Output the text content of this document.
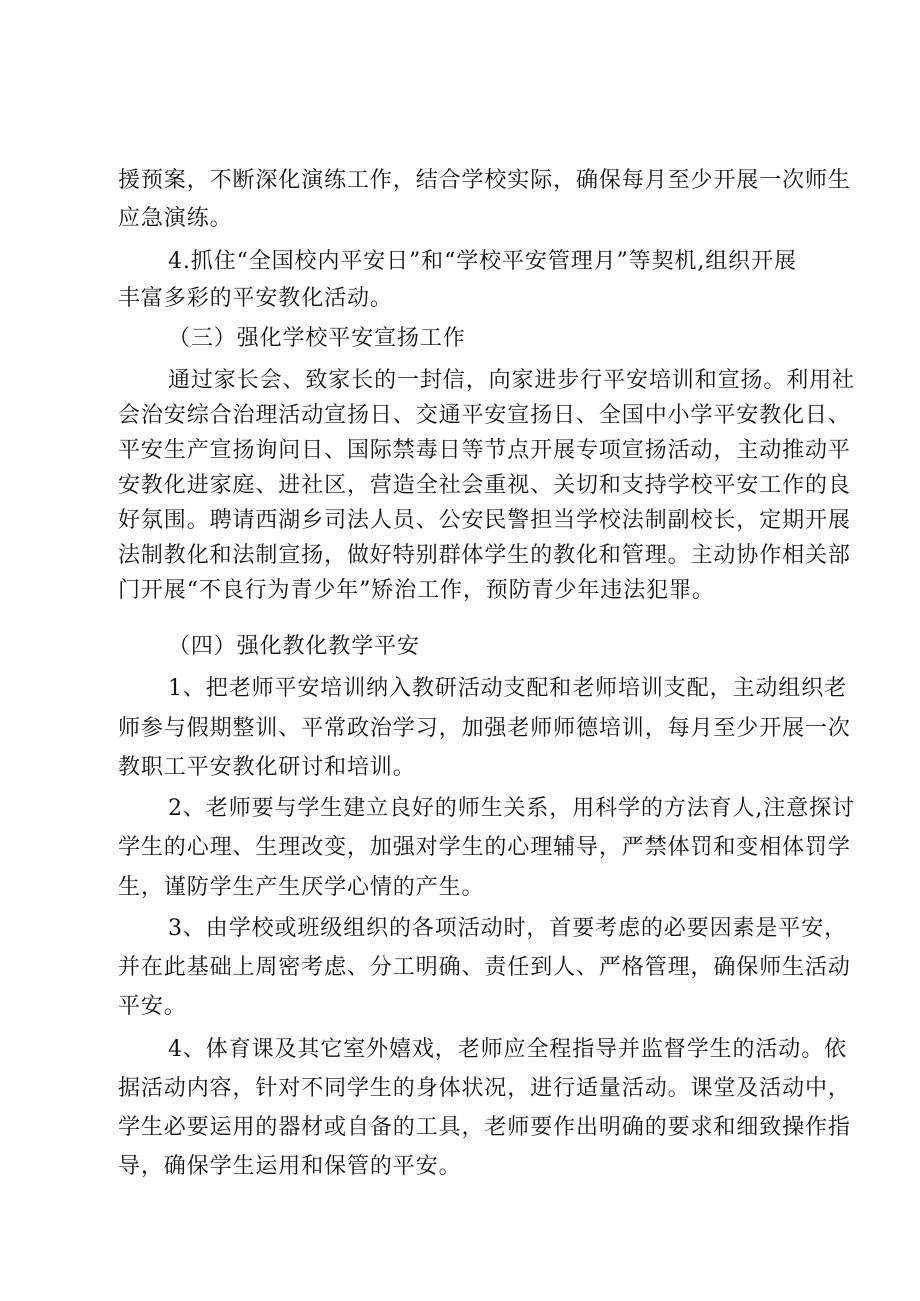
援预案，不断深化演练工作，结合学校实际，确保每月至少开展一次师生
应急演练。
4.抓住“全国校内平安日”和“学校平安管理月”等契机,组织开展
丰富多彩的平安教化活动。
（三）强化学校平安宣扬工作
通过家长会、致家长的一封信，向家进步行平安培训和宣扬。利用社
会治安综合治理活动宣扬日、交通平安宣扬日、全国中小学平安教化日、
平安生产宣扬询问日、国际禁毒日等节点开展专项宣扬活动，主动推动平
安教化进家庭、进社区，营造全社会重视、关切和支持学校平安工作的良
好氛围。聘请西湖乡司法人员、公安民警担当学校法制副校长，定期开展
法制教化和法制宣扬，做好特别群体学生的教化和管理。主动协作相关部
门开展“不良行为青少年”矫治工作，预防青少年违法犯罪。
（四）强化教化教学平安
1、把老师平安培训纳入教研活动支配和老师培训支配，主动组织老
师参与假期整训、平常政治学习，加强老师师德培训，每月至少开展一次
教职工平安教化研讨和培训。
2、老师要与学生建立良好的师生关系，用科学的方法育人,注意探讨
学生的心理、生理改变，加强对学生的心理辅导，严禁体罚和变相体罚学
生，谨防学生产生厌学心情的产生。
3、由学校或班级组织的各项活动时，首要考虑的必要因素是平安，
并在此基础上周密考虑、分工明确、责任到人、严格管理，确保师生活动
平安。
4、体育课及其它室外嬉戏，老师应全程指导并监督学生的活动。依
据活动内容，针对不同学生的身体状况，进行适量活动。课堂及活动中，
学生必要运用的器材或自备的工具，老师要作出明确的要求和细致操作指
导，确保学生运用和保管的平安。
